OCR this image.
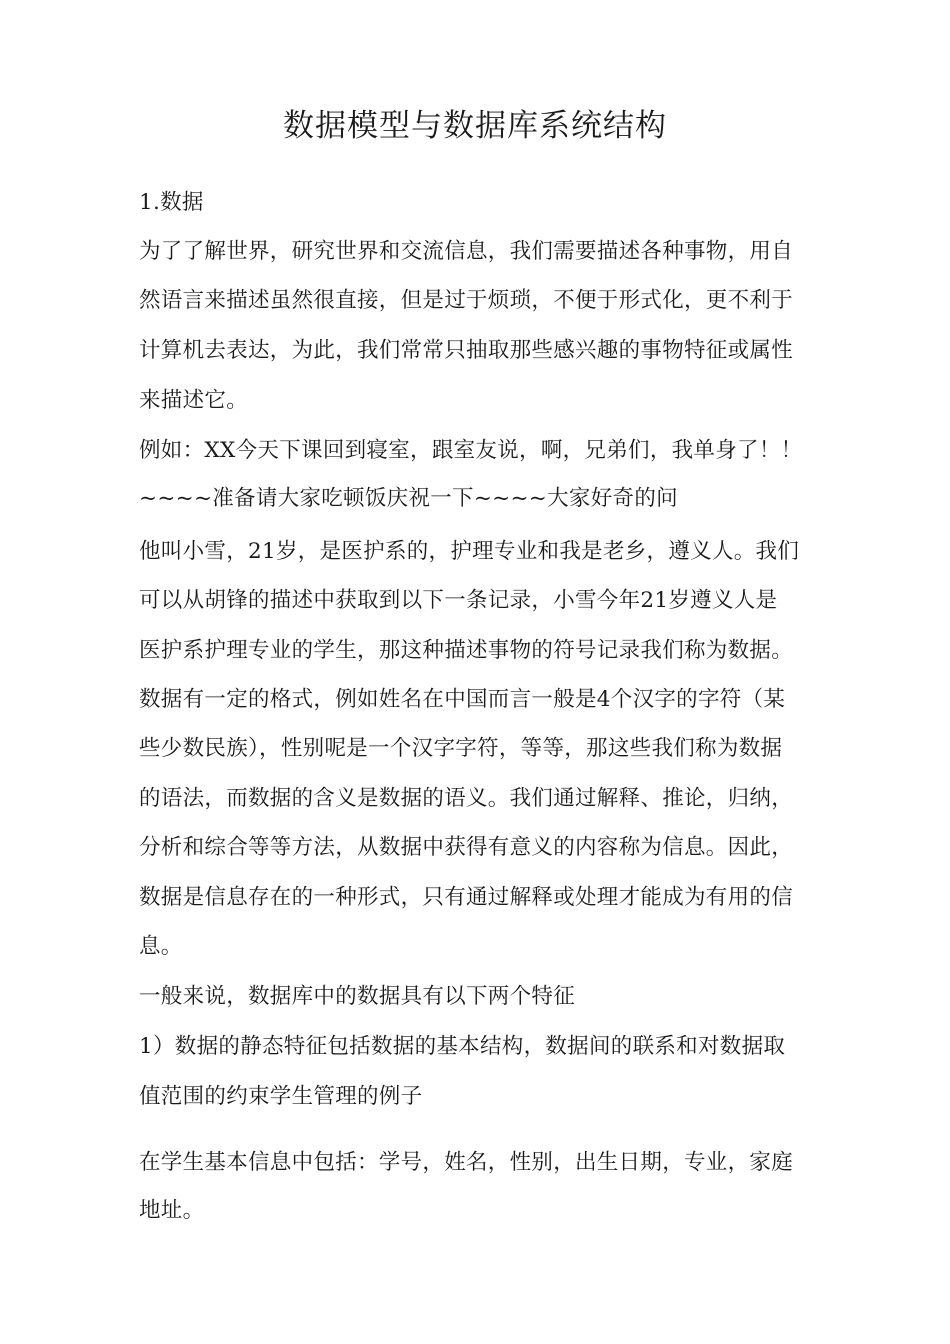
数据模型与数据库系统结构
1.数据
为了了解世界，研究世界和交流信息，我们需要描述各种事物，用自
然语言来描述虽然很直接，但是过于烦琐，不便于形式化，更不利于
计算机去表达，为此，我们常常只抽取那些感兴趣的事物特征或属性
来描述它。
例如：XX今天下课回到寝室，跟室友说，啊，兄弟们，我单身了！！
~~~~准备请大家吃顿饭庆祝一下~~~~大家好奇的问
他叫小雪，21岁，是医护系的，护理专业和我是老乡，遵义人。我们
可以从胡锋的描述中获取到以下一条记录，小雪今年21岁遵义人是
医护系护理专业的学生，那这种描述事物的符号记录我们称为数据。
数据有一定的格式，例如姓名在中国而言一般是4个汉字的字符（某
些少数民族），性别呢是一个汉字字符，等等，那这些我们称为数据
的语法，而数据的含义是数据的语义。我们通过解释、推论，归纳，
分析和综合等等方法，从数据中获得有意义的内容称为信息。因此，
数据是信息存在的一种形式，只有通过解释或处理才能成为有用的信
息。
一般来说，数据库中的数据具有以下两个特征
1）数据的静态特征包括数据的基本结构，数据间的联系和对数据取
值范围的约束学生管理的例子
在学生基本信息中包括：学号，姓名，性别，出生日期，专业，家庭
地址。
